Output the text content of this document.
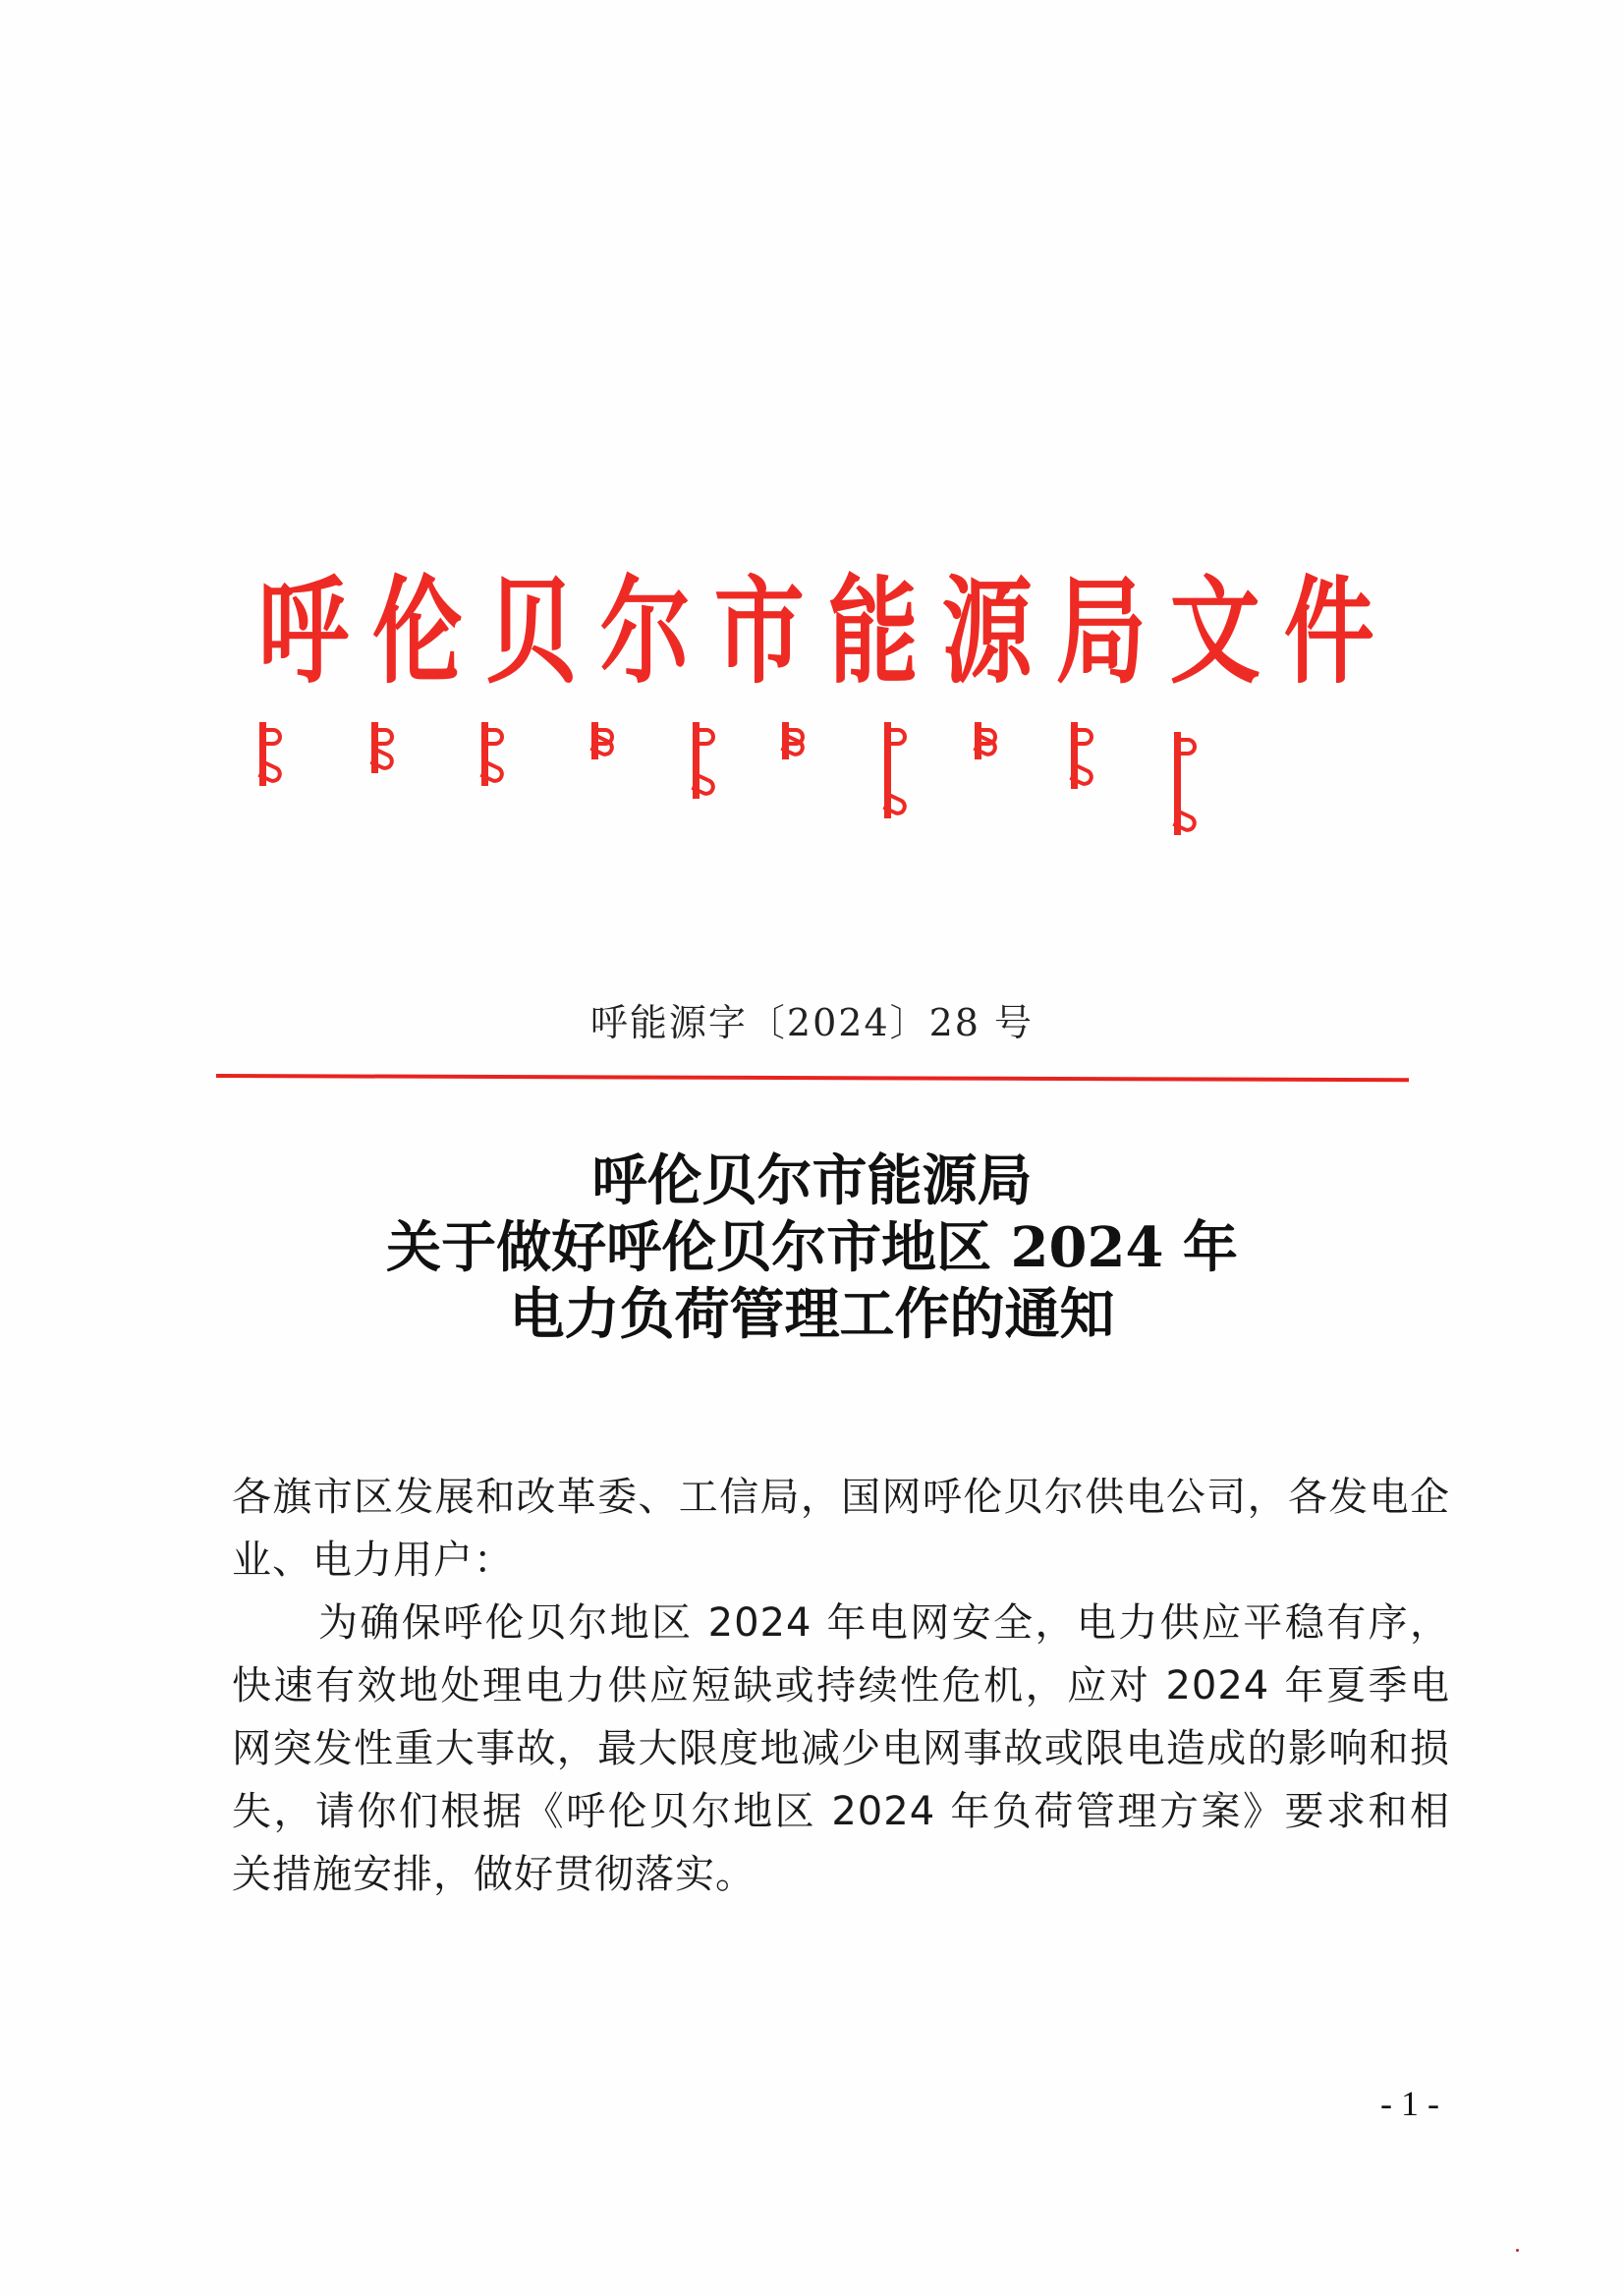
呼 伦 贝 尔 市 能 源 局 文 件
呼能源字〔2024〕28 号
呼伦贝尔市能源局
关于做好呼伦贝尔市地区 2024 年
电力负荷管理工作的通知

各旗市区发展和改革委、工信局，国网呼伦贝尔供电公司，各发电企业、电力用户：

为确保呼伦贝尔地区 2024 年电网安全，电力供应平稳有序，快速有效地处理电力供应短缺或持续性危机，应对 2024 年夏季电网突发性重大事故，最大限度地减少电网事故或限电造成的影响和损失，请你们根据《呼伦贝尔地区 2024 年负荷管理方案》要求和相关措施安排，做好贯彻落实。

- 1 -
